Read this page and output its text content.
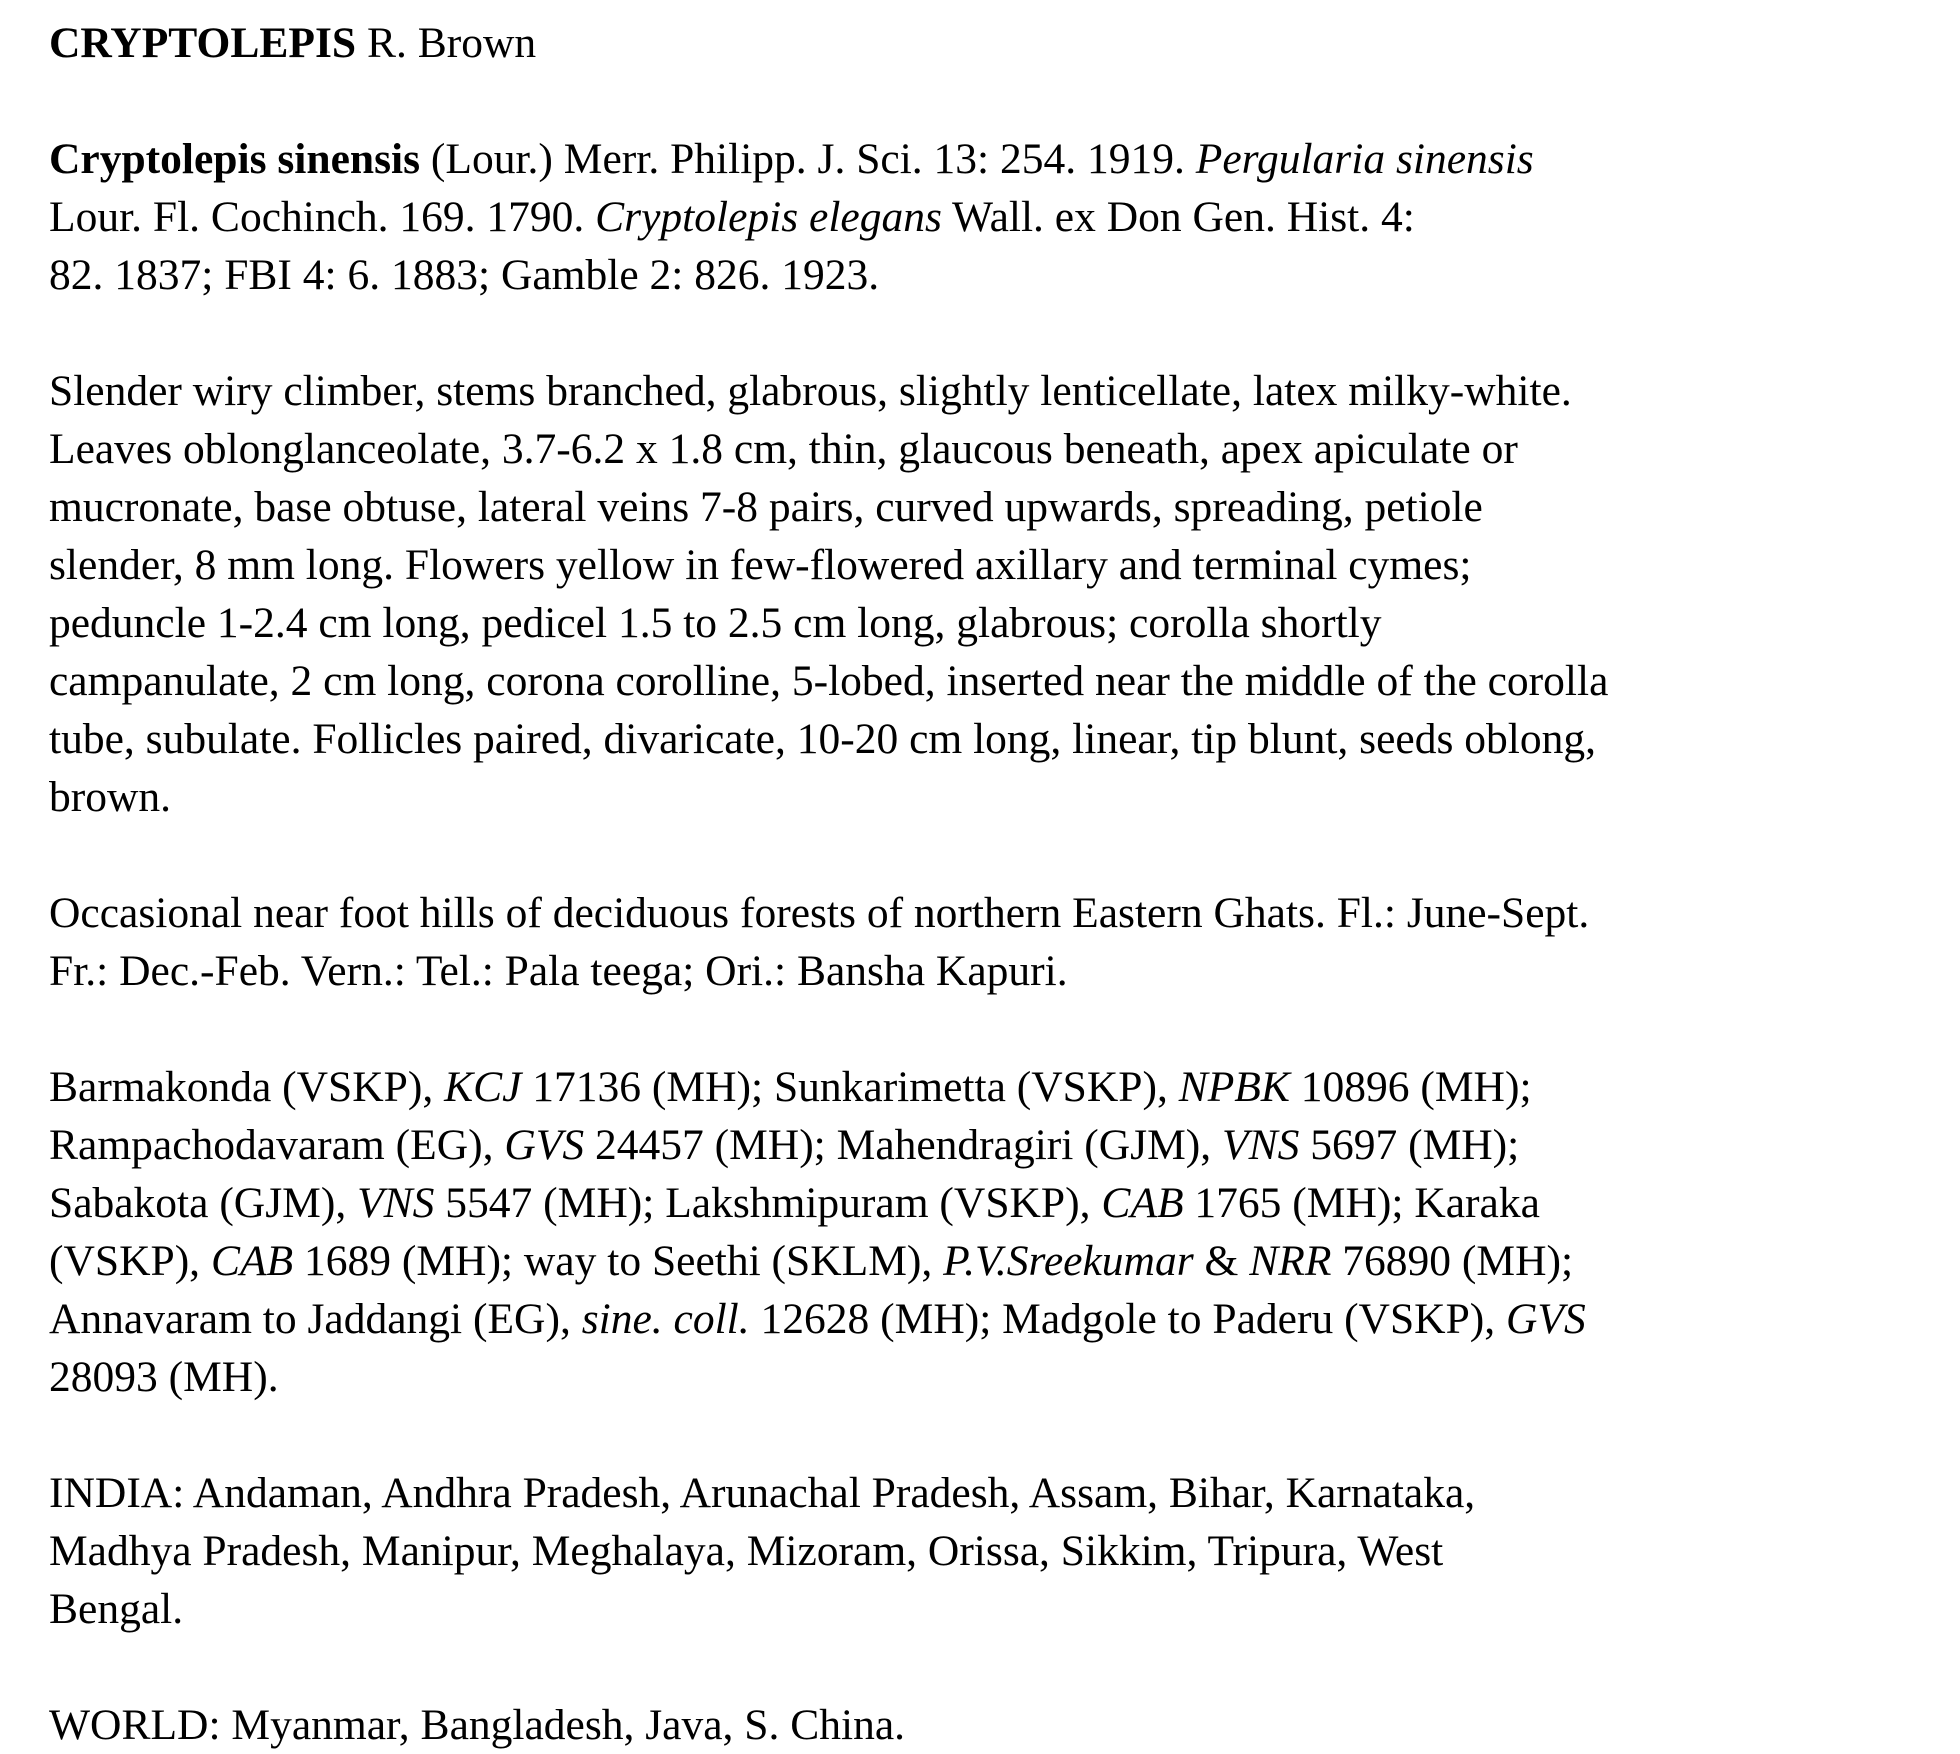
CRYPTOLEPIS R. Brown
Cryptolepis sinensis (Lour.) Merr. Philipp. J. Sci. 13: 254. 1919. Pergularia sinensis
Lour. Fl. Cochinch. 169. 1790. Cryptolepis elegans Wall. ex Don Gen. Hist. 4:
82. 1837; FBI 4: 6. 1883; Gamble 2: 826. 1923.
Slender wiry climber, stems branched, glabrous, slightly lenticellate, latex milky-white.
Leaves oblonglanceolate, 3.7-6.2 x 1.8 cm, thin, glaucous beneath, apex apiculate or
mucronate, base obtuse, lateral veins 7-8 pairs, curved upwards, spreading, petiole
slender, 8 mm long. Flowers yellow in few-flowered axillary and terminal cymes;
peduncle 1-2.4 cm long, pedicel 1.5 to 2.5 cm long, glabrous; corolla shortly
campanulate, 2 cm long, corona corolline, 5-lobed, inserted near the middle of the corolla
tube, subulate. Follicles paired, divaricate, 10-20 cm long, linear, tip blunt, seeds oblong,
brown.
Occasional near foot hills of deciduous forests of northern Eastern Ghats. Fl.: June-Sept.
Fr.: Dec.-Feb. Vern.: Tel.: Pala teega; Ori.: Bansha Kapuri.
Barmakonda (VSKP), KCJ 17136 (MH); Sunkarimetta (VSKP), NPBK 10896 (MH);
Rampachodavaram (EG), GVS 24457 (MH); Mahendragiri (GJM), VNS 5697 (MH);
Sabakota (GJM), VNS 5547 (MH); Lakshmipuram (VSKP), CAB 1765 (MH); Karaka
(VSKP), CAB 1689 (MH); way to Seethi (SKLM), P.V.Sreekumar & NRR 76890 (MH);
Annavaram to Jaddangi (EG), sine. coll. 12628 (MH); Madgole to Paderu (VSKP), GVS
28093 (MH).
INDIA: Andaman, Andhra Pradesh, Arunachal Pradesh, Assam, Bihar, Karnataka,
Madhya Pradesh, Manipur, Meghalaya, Mizoram, Orissa, Sikkim, Tripura, West
Bengal.
WORLD: Myanmar, Bangladesh, Java, S. China.
